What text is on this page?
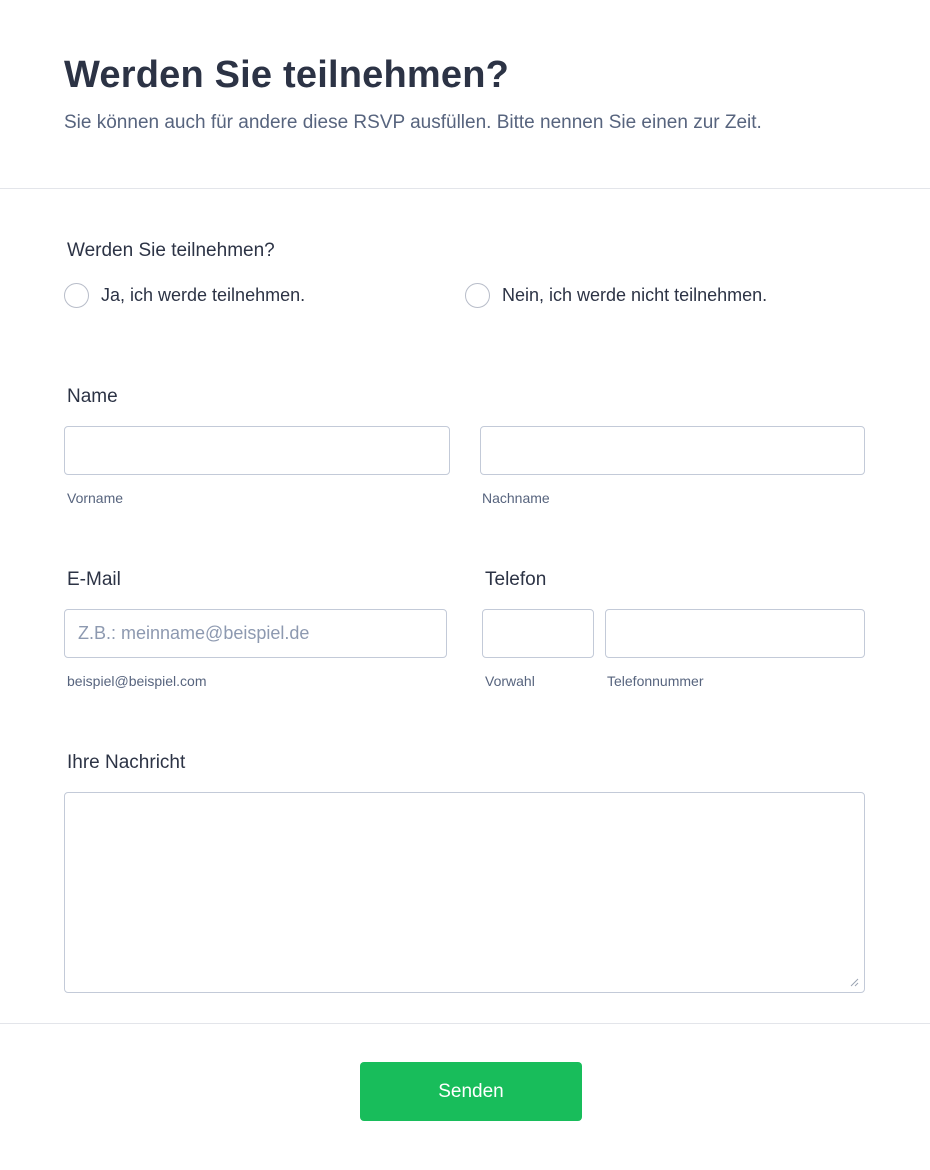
Werden Sie teilnehmen?

Sie können auch für andere diese RSVP ausfüllen. Bitte nennen Sie einen zur Zeit.

Werden Sie teilnehmen?
Ja, ich werde teilnehmen.	Nein, ich werde nicht teilnehmen.
Name
Vorname	Nachname
E-Mail
Z.B.: meinname@beispiel.de
beispiel@beispiel.com
Telefon
Vorwahl	Telefonnummer
Ihre Nachricht
Senden
